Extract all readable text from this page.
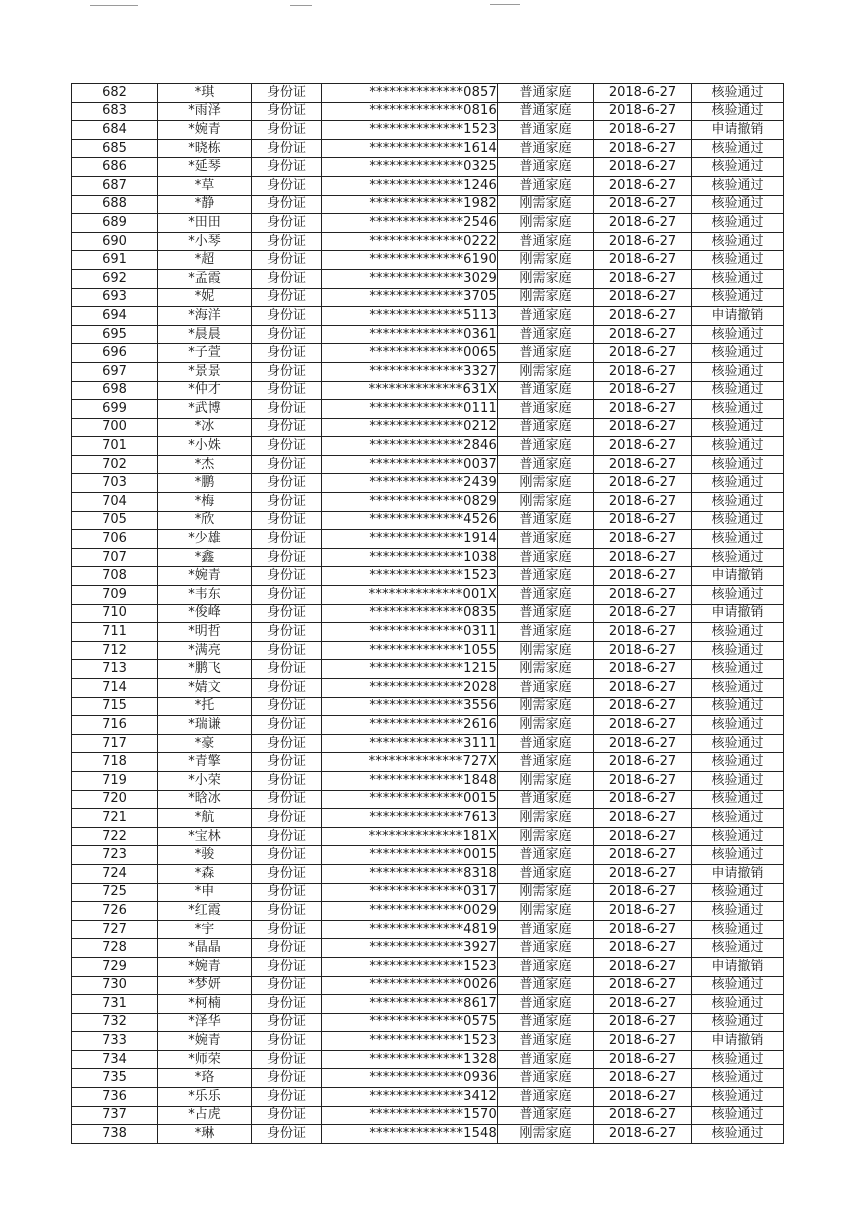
682	*琪	身份证	**************0857	普通家庭	2018-6-27	核验通过
683	*雨泽	身份证	**************0816	普通家庭	2018-6-27	核验通过
684	*婉青	身份证	**************1523	普通家庭	2018-6-27	申请撤销
685	*晓栋	身份证	**************1614	普通家庭	2018-6-27	核验通过
686	*延琴	身份证	**************0325	普通家庭	2018-6-27	核验通过
687	*草	身份证	**************1246	普通家庭	2018-6-27	核验通过
688	*静	身份证	**************1982	刚需家庭	2018-6-27	核验通过
689	*田田	身份证	**************2546	刚需家庭	2018-6-27	核验通过
690	*小琴	身份证	**************0222	普通家庭	2018-6-27	核验通过
691	*超	身份证	**************6190	刚需家庭	2018-6-27	核验通过
692	*孟霞	身份证	**************3029	刚需家庭	2018-6-27	核验通过
693	*妮	身份证	**************3705	刚需家庭	2018-6-27	核验通过
694	*海洋	身份证	**************5113	普通家庭	2018-6-27	申请撤销
695	*晨晨	身份证	**************0361	普通家庭	2018-6-27	核验通过
696	*子萱	身份证	**************0065	普通家庭	2018-6-27	核验通过
697	*景景	身份证	**************3327	刚需家庭	2018-6-27	核验通过
698	*仲才	身份证	**************631X	普通家庭	2018-6-27	核验通过
699	*武博	身份证	**************0111	普通家庭	2018-6-27	核验通过
700	*冰	身份证	**************0212	普通家庭	2018-6-27	核验通过
701	*小姝	身份证	**************2846	普通家庭	2018-6-27	核验通过
702	*杰	身份证	**************0037	普通家庭	2018-6-27	核验通过
703	*鹏	身份证	**************2439	刚需家庭	2018-6-27	核验通过
704	*梅	身份证	**************0829	刚需家庭	2018-6-27	核验通过
705	*欣	身份证	**************4526	普通家庭	2018-6-27	核验通过
706	*少雄	身份证	**************1914	普通家庭	2018-6-27	核验通过
707	*鑫	身份证	**************1038	普通家庭	2018-6-27	核验通过
708	*婉青	身份证	**************1523	普通家庭	2018-6-27	申请撤销
709	*韦东	身份证	**************001X	普通家庭	2018-6-27	核验通过
710	*俊峰	身份证	**************0835	普通家庭	2018-6-27	申请撤销
711	*明哲	身份证	**************0311	普通家庭	2018-6-27	核验通过
712	*满亮	身份证	**************1055	刚需家庭	2018-6-27	核验通过
713	*鹏飞	身份证	**************1215	刚需家庭	2018-6-27	核验通过
714	*婧文	身份证	**************2028	普通家庭	2018-6-27	核验通过
715	*托	身份证	**************3556	刚需家庭	2018-6-27	核验通过
716	*瑞谦	身份证	**************2616	刚需家庭	2018-6-27	核验通过
717	*豪	身份证	**************3111	普通家庭	2018-6-27	核验通过
718	*青擎	身份证	**************727X	普通家庭	2018-6-27	核验通过
719	*小荣	身份证	**************1848	刚需家庭	2018-6-27	核验通过
720	*晗冰	身份证	**************0015	普通家庭	2018-6-27	核验通过
721	*航	身份证	**************7613	刚需家庭	2018-6-27	核验通过
722	*宝林	身份证	**************181X	刚需家庭	2018-6-27	核验通过
723	*骏	身份证	**************0015	普通家庭	2018-6-27	核验通过
724	*森	身份证	**************8318	普通家庭	2018-6-27	申请撤销
725	*申	身份证	**************0317	刚需家庭	2018-6-27	核验通过
726	*红霞	身份证	**************0029	刚需家庭	2018-6-27	核验通过
727	*宇	身份证	**************4819	普通家庭	2018-6-27	核验通过
728	*晶晶	身份证	**************3927	普通家庭	2018-6-27	核验通过
729	*婉青	身份证	**************1523	普通家庭	2018-6-27	申请撤销
730	*梦妍	身份证	**************0026	普通家庭	2018-6-27	核验通过
731	*柯楠	身份证	**************8617	普通家庭	2018-6-27	核验通过
732	*泽华	身份证	**************0575	普通家庭	2018-6-27	核验通过
733	*婉青	身份证	**************1523	普通家庭	2018-6-27	申请撤销
734	*师荣	身份证	**************1328	普通家庭	2018-6-27	核验通过
735	*珞	身份证	**************0936	普通家庭	2018-6-27	核验通过
736	*乐乐	身份证	**************3412	普通家庭	2018-6-27	核验通过
737	*占虎	身份证	**************1570	普通家庭	2018-6-27	核验通过
738	*琳	身份证	**************1548	刚需家庭	2018-6-27	核验通过
